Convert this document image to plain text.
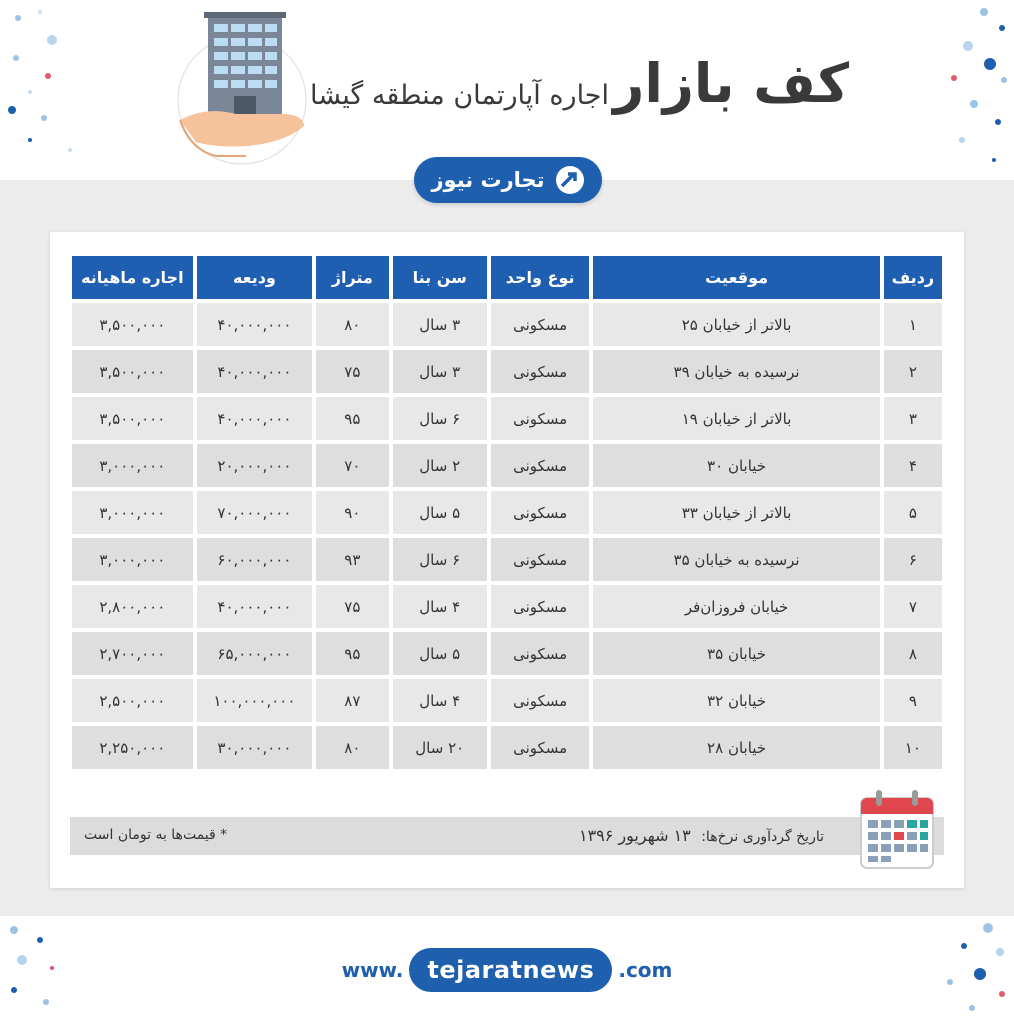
کف بازار
اجاره آپارتمان منطقه گیشا
تجارت نیوز
ردیف	موقعیت	نوع واحد	سن بنا	متراژ	ودیعه	اجاره ماهیانه
۱	بالاتر از خیابان ۲۵	مسکونی	۳ سال	۸۰	۴۰,۰۰۰,۰۰۰	۳,۵۰۰,۰۰۰
۲	نرسیده به خیابان ۳۹	مسکونی	۳ سال	۷۵	۴۰,۰۰۰,۰۰۰	۳,۵۰۰,۰۰۰
۳	بالاتر از خیابان ۱۹	مسکونی	۶ سال	۹۵	۴۰,۰۰۰,۰۰۰	۳,۵۰۰,۰۰۰
۴	خیابان ۳۰	مسکونی	۲ سال	۷۰	۲۰,۰۰۰,۰۰۰	۳,۰۰۰,۰۰۰
۵	بالاتر از خیابان ۳۳	مسکونی	۵ سال	۹۰	۷۰,۰۰۰,۰۰۰	۳,۰۰۰,۰۰۰
۶	نرسیده به خیابان ۳۵	مسکونی	۶ سال	۹۳	۶۰,۰۰۰,۰۰۰	۳,۰۰۰,۰۰۰
۷	خیابان فروزان‌فر	مسکونی	۴ سال	۷۵	۴۰,۰۰۰,۰۰۰	۲,۸۰۰,۰۰۰
۸	خیابان ۳۵	مسکونی	۵ سال	۹۵	۶۵,۰۰۰,۰۰۰	۲,۷۰۰,۰۰۰
۹	خیابان ۳۲	مسکونی	۴ سال	۸۷	۱۰۰,۰۰۰,۰۰۰	۲,۵۰۰,۰۰۰
۱۰	خیابان ۲۸	مسکونی	۲۰ سال	۸۰	۳۰,۰۰۰,۰۰۰	۲,۲۵۰,۰۰۰
تاریخ گردآوری نرخ‌ها: ۱۳ شهریور ۱۳۹۶
* قیمت‌ها به تومان است
www.	tejaratnews	.com
